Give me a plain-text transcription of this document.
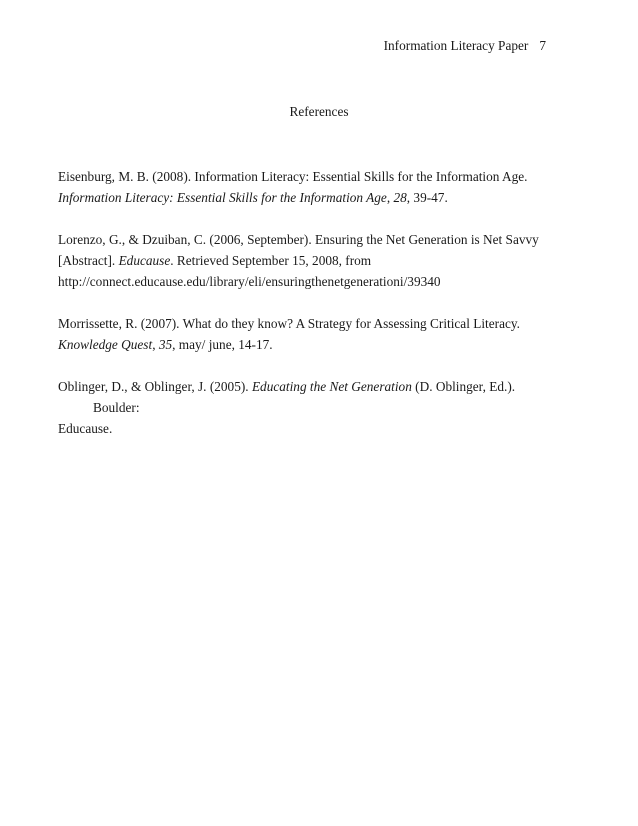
Information Literacy Paper 7
References

Eisenburg, M. B. (2008). Information Literacy: Essential Skills for the Information Age.
Information Literacy: Essential Skills for the Information Age, 28, 39-47.

Lorenzo, G., & Dzuiban, C. (2006, September). Ensuring the Net Generation is Net Savvy
[Abstract]. Educause. Retrieved September 15, 2008, from
http://connect.educause.edu/library/eli/ensuringthenetgenerationi/39340

Morrissette, R. (2007). What do they know? A Strategy for Assessing Critical Literacy.
Knowledge Quest, 35, may/ june, 14-17.

Oblinger, D., & Oblinger, J. (2005). Educating the Net Generation (D. Oblinger, Ed.). Boulder:
Educause.
